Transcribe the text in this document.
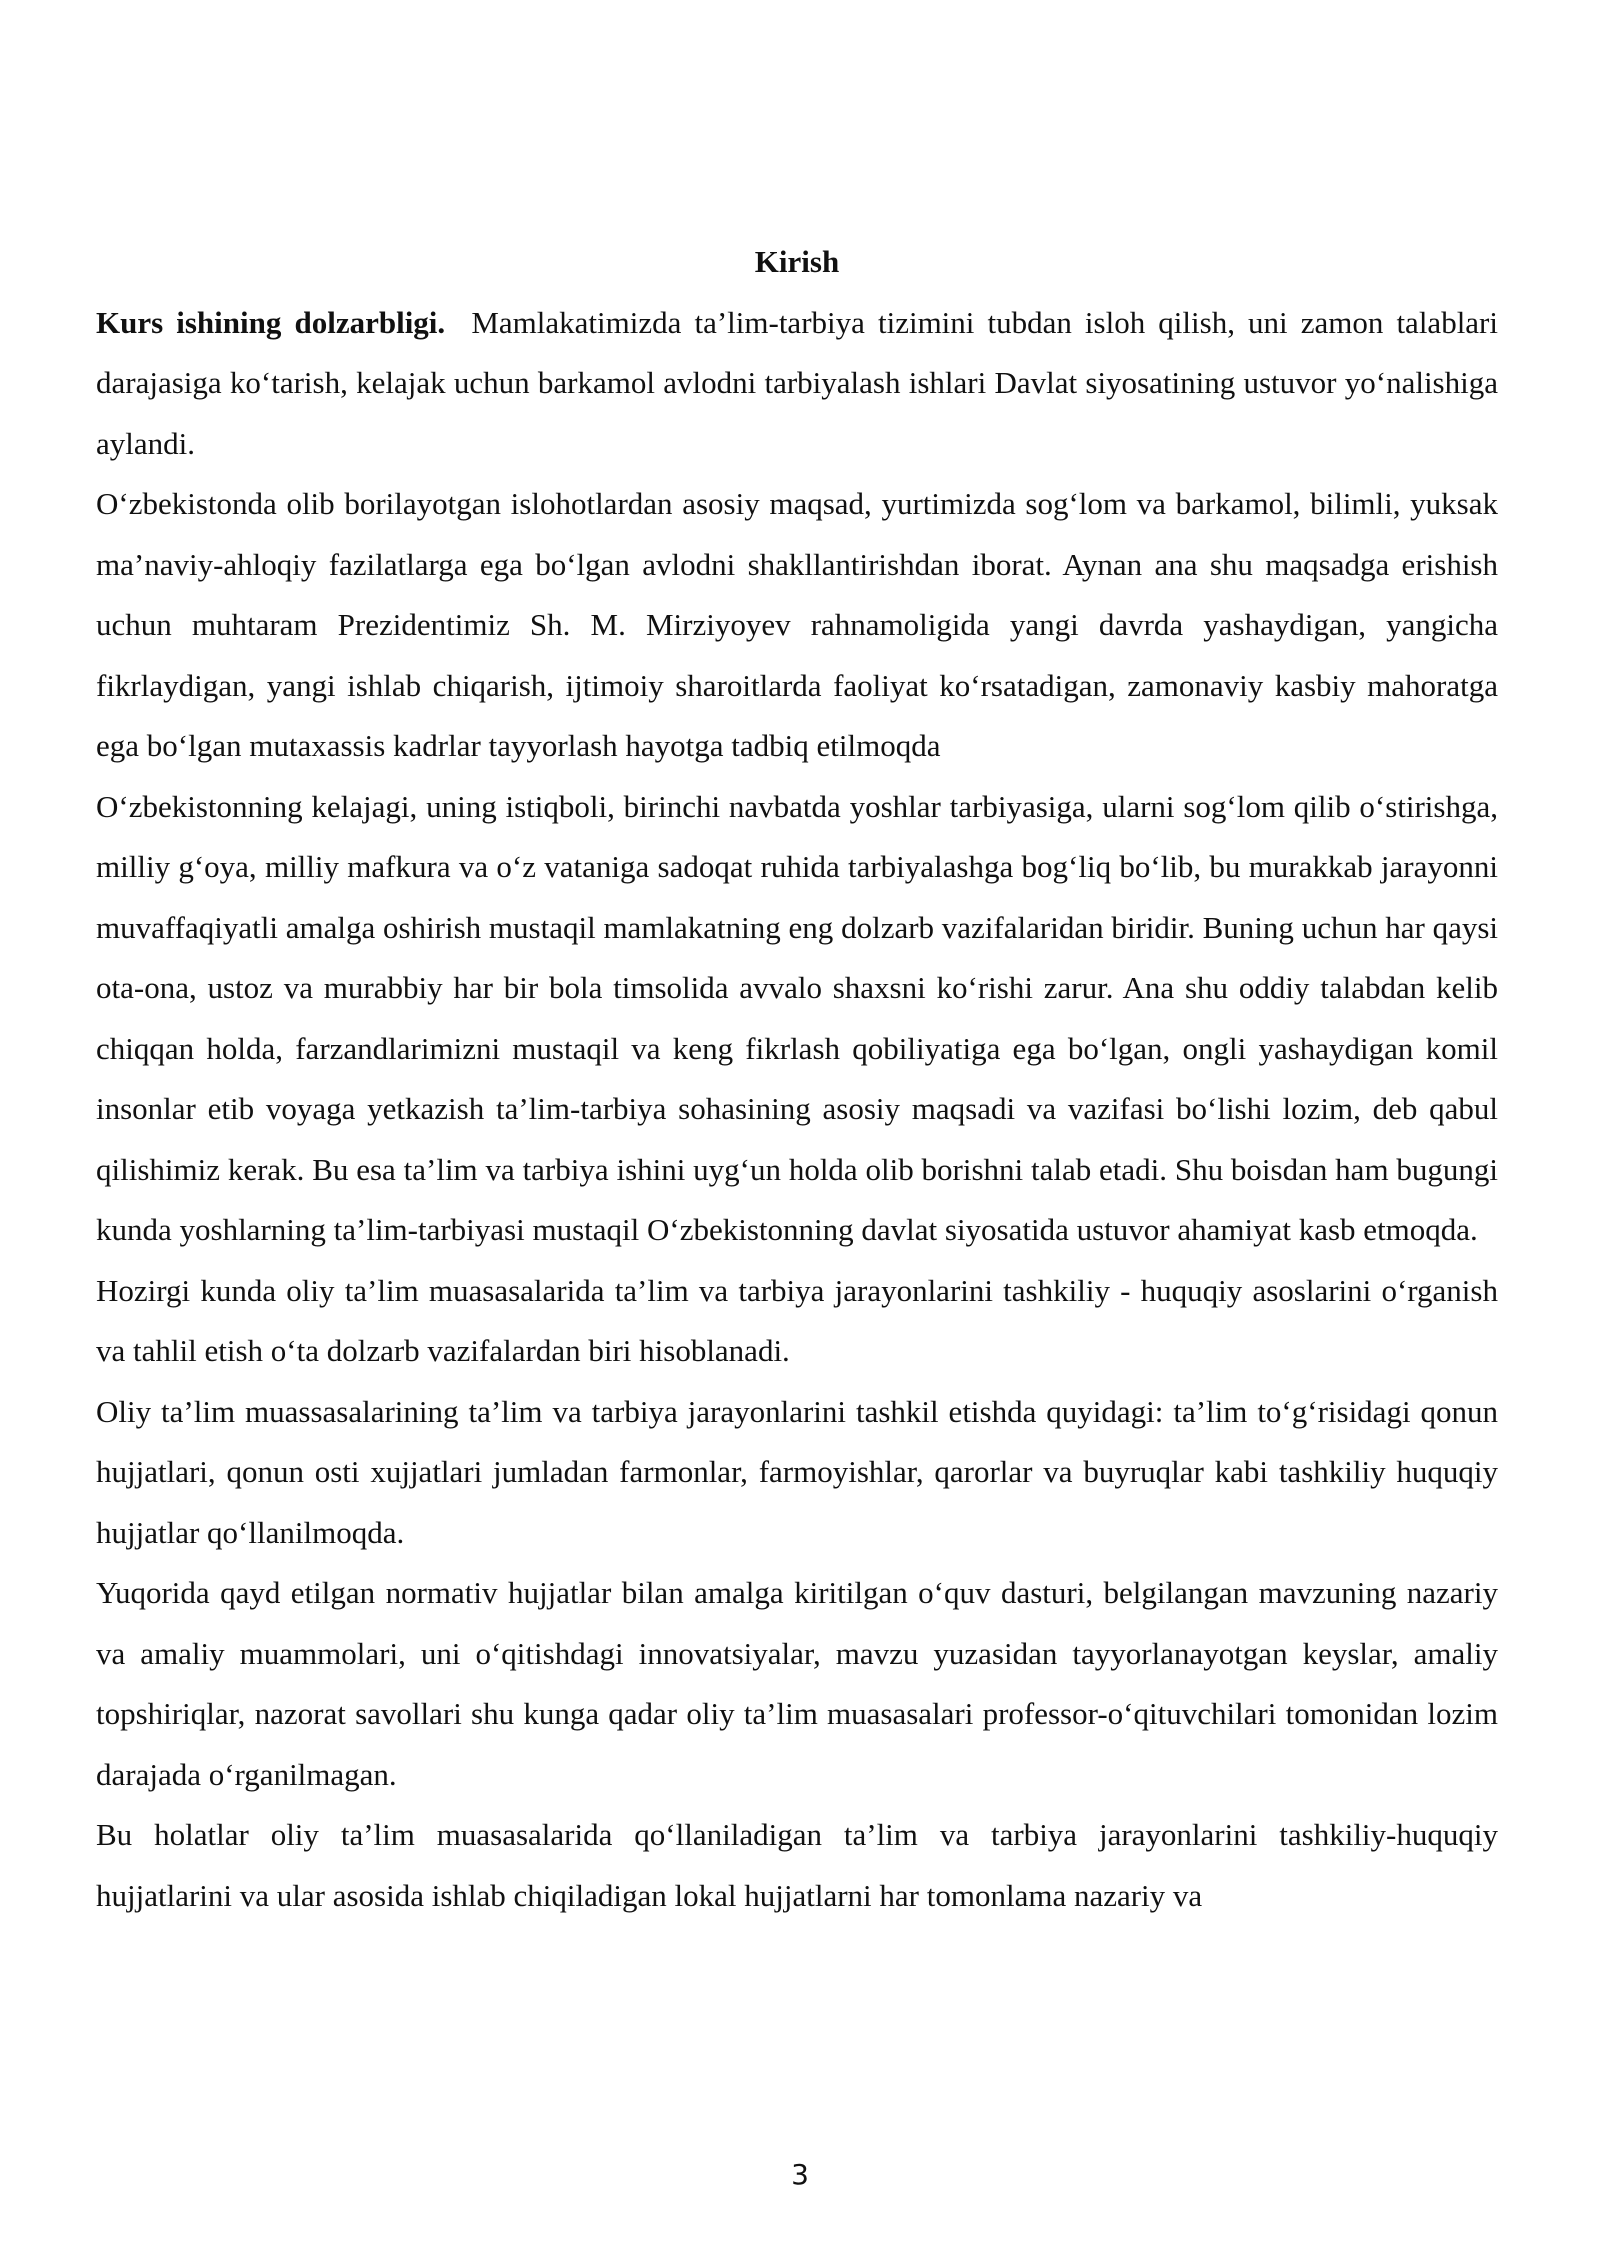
Kirish

Kurs ishining dolzarbligi. Mamlakatimizda ta’lim-tarbiya tizimini tubdan isloh qilish, uni zamon talablari darajasiga ko‘tarish, kelajak uchun barkamol avlodni tarbiyalash ishlari Davlat siyosatining ustuvor yo‘nalishiga aylandi.

O‘zbekistonda olib borilayotgan islohotlardan asosiy maqsad, yurtimizda sog‘lom va barkamol, bilimli, yuksak ma’naviy-ahloqiy fazilatlarga ega bo‘lgan avlodni shakllantirishdan iborat. Aynan ana shu maqsadga erishish uchun muhtaram Prezidentimiz Sh. M. Mirziyoyev rahnamoligida yangi davrda yashaydigan, yangicha fikrlaydigan, yangi ishlab chiqarish, ijtimoiy sharoitlarda faoliyat ko‘rsatadigan, zamonaviy kasbiy mahoratga ega bo‘lgan mutaxassis kadrlar tayyorlash hayotga tadbiq etilmoqda

O‘zbekistonning kelajagi, uning istiqboli, birinchi navbatda yoshlar tarbiyasiga, ularni sog‘lom qilib o‘stirishga, milliy g‘oya, milliy mafkura va o‘z vataniga sadoqat ruhida tarbiyalashga bog‘liq bo‘lib, bu murakkab jarayonni muvaffaqiyatli amalga oshirish mustaqil mamlakatning eng dolzarb vazifalaridan biridir. Buning uchun har qaysi ota-ona, ustoz va murabbiy har bir bola timsolida avvalo shaxsni ko‘rishi zarur. Ana shu oddiy talabdan kelib chiqqan holda, farzandlarimizni mustaqil va keng fikrlash qobiliyatiga ega bo‘lgan, ongli yashaydigan komil insonlar etib voyaga yetkazish ta’lim-tarbiya sohasining asosiy maqsadi va vazifasi bo‘lishi lozim, deb qabul qilishimiz kerak. Bu esa ta’lim va tarbiya ishini uyg‘un holda olib borishni talab etadi. Shu boisdan ham bugungi kunda yoshlarning ta’lim-tarbiyasi mustaqil O‘zbekistonning davlat siyosatida ustuvor ahamiyat kasb etmoqda.

Hozirgi kunda oliy ta’lim muasasalarida ta’lim va tarbiya jarayonlarini tashkiliy - huquqiy asoslarini o‘rganish va tahlil etish o‘ta dolzarb vazifalardan biri hisoblanadi.

Oliy ta’lim muassasalarining ta’lim va tarbiya jarayonlarini tashkil etishda quyidagi: ta’lim to‘g‘risidagi qonun hujjatlari, qonun osti xujjatlari jumladan farmonlar, farmoyishlar, qarorlar va buyruqlar kabi tashkiliy huquqiy hujjatlar qo‘llanilmoqda.

Yuqorida qayd etilgan normativ hujjatlar bilan amalga kiritilgan o‘quv dasturi, belgilangan mavzuning nazariy va amaliy muammolari, uni o‘qitishdagi innovatsiyalar, mavzu yuzasidan tayyorlanayotgan keyslar, amaliy topshiriqlar, nazorat savollari shu kunga qadar oliy ta’lim muasasalari professor-o‘qituvchilari tomonidan lozim darajada o‘rganilmagan.

Bu holatlar oliy ta’lim muasasalarida qo‘llaniladigan ta’lim va tarbiya jarayonlarini tashkiliy-huquqiy hujjatlarini va ular asosida ishlab chiqiladigan lokal hujjatlarni har tomonlama nazariy va

3
